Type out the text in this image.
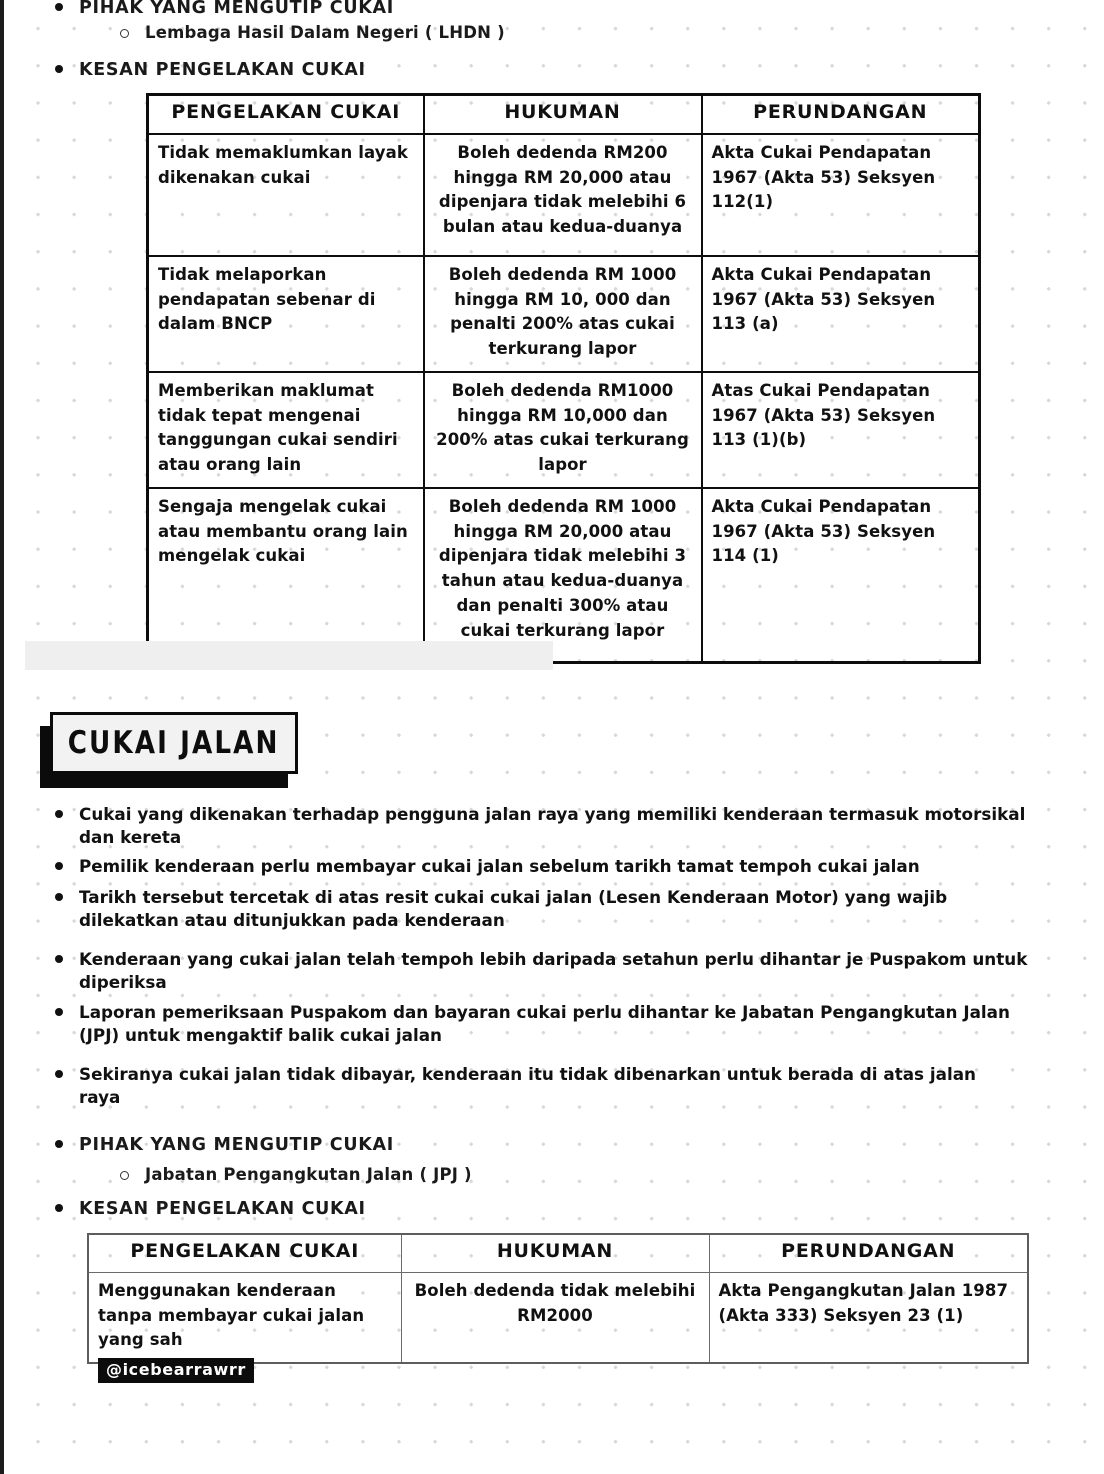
PIHAK YANG MENGUTIP CUKAI
Lembaga Hasil Dalam Negeri ( LHDN )
KESAN PENGELAKAN CUKAI
PENGELAKAN CUKAI	HUKUMAN	PERUNDANGAN
Tidak memaklumkan layak dikenakan cukai	Boleh dedenda RM200 hingga RM 20,000 atau dipenjara tidak melebihi 6 bulan atau kedua-duanya	Akta Cukai Pendapatan 1967 (Akta 53) Seksyen 112(1)
Tidak melaporkan pendapatan sebenar di dalam BNCP	Boleh dedenda RM 1000 hingga RM 10, 000 dan penalti 200% atas cukai terkurang lapor	Akta Cukai Pendapatan 1967 (Akta 53) Seksyen 113 (a)
Memberikan maklumat tidak tepat mengenai tanggungan cukai sendiri atau orang lain	Boleh dedenda RM1000 hingga RM 10,000 dan 200% atas cukai terkurang lapor	Atas Cukai Pendapatan 1967 (Akta 53) Seksyen 113 (1)(b)
Sengaja mengelak cukai atau membantu orang lain mengelak cukai	Boleh dedenda RM 1000 hingga RM 20,000 atau dipenjara tidak melebihi 3 tahun atau kedua-duanya dan penalti 300% atau cukai terkurang lapor	Akta Cukai Pendapatan 1967 (Akta 53) Seksyen 114 (1)
CUKAI JALAN
Cukai yang dikenakan terhadap pengguna jalan raya yang memiliki kenderaan termasuk motorsikal dan kereta
Pemilik kenderaan perlu membayar cukai jalan sebelum tarikh tamat tempoh cukai jalan
Tarikh tersebut tercetak di atas resit cukai cukai jalan (Lesen Kenderaan Motor) yang wajib dilekatkan atau ditunjukkan pada kenderaan
Kenderaan yang cukai jalan telah tempoh lebih daripada setahun perlu dihantar je Puspakom untuk diperiksa
Laporan pemeriksaan Puspakom dan bayaran cukai perlu dihantar ke Jabatan Pengangkutan Jalan (JPJ) untuk mengaktif balik cukai jalan
Sekiranya cukai jalan tidak dibayar, kenderaan itu tidak dibenarkan untuk berada di atas jalan raya
PIHAK YANG MENGUTIP CUKAI
Jabatan Pengangkutan Jalan ( JPJ )
KESAN PENGELAKAN CUKAI
PENGELAKAN CUKAI	HUKUMAN	PERUNDANGAN
Menggunakan kenderaan tanpa membayar cukai jalan yang sah	Boleh dedenda tidak melebihi RM2000	Akta Pengangkutan Jalan 1987 (Akta 333) Seksyen 23 (1)
@icebearrawrr
